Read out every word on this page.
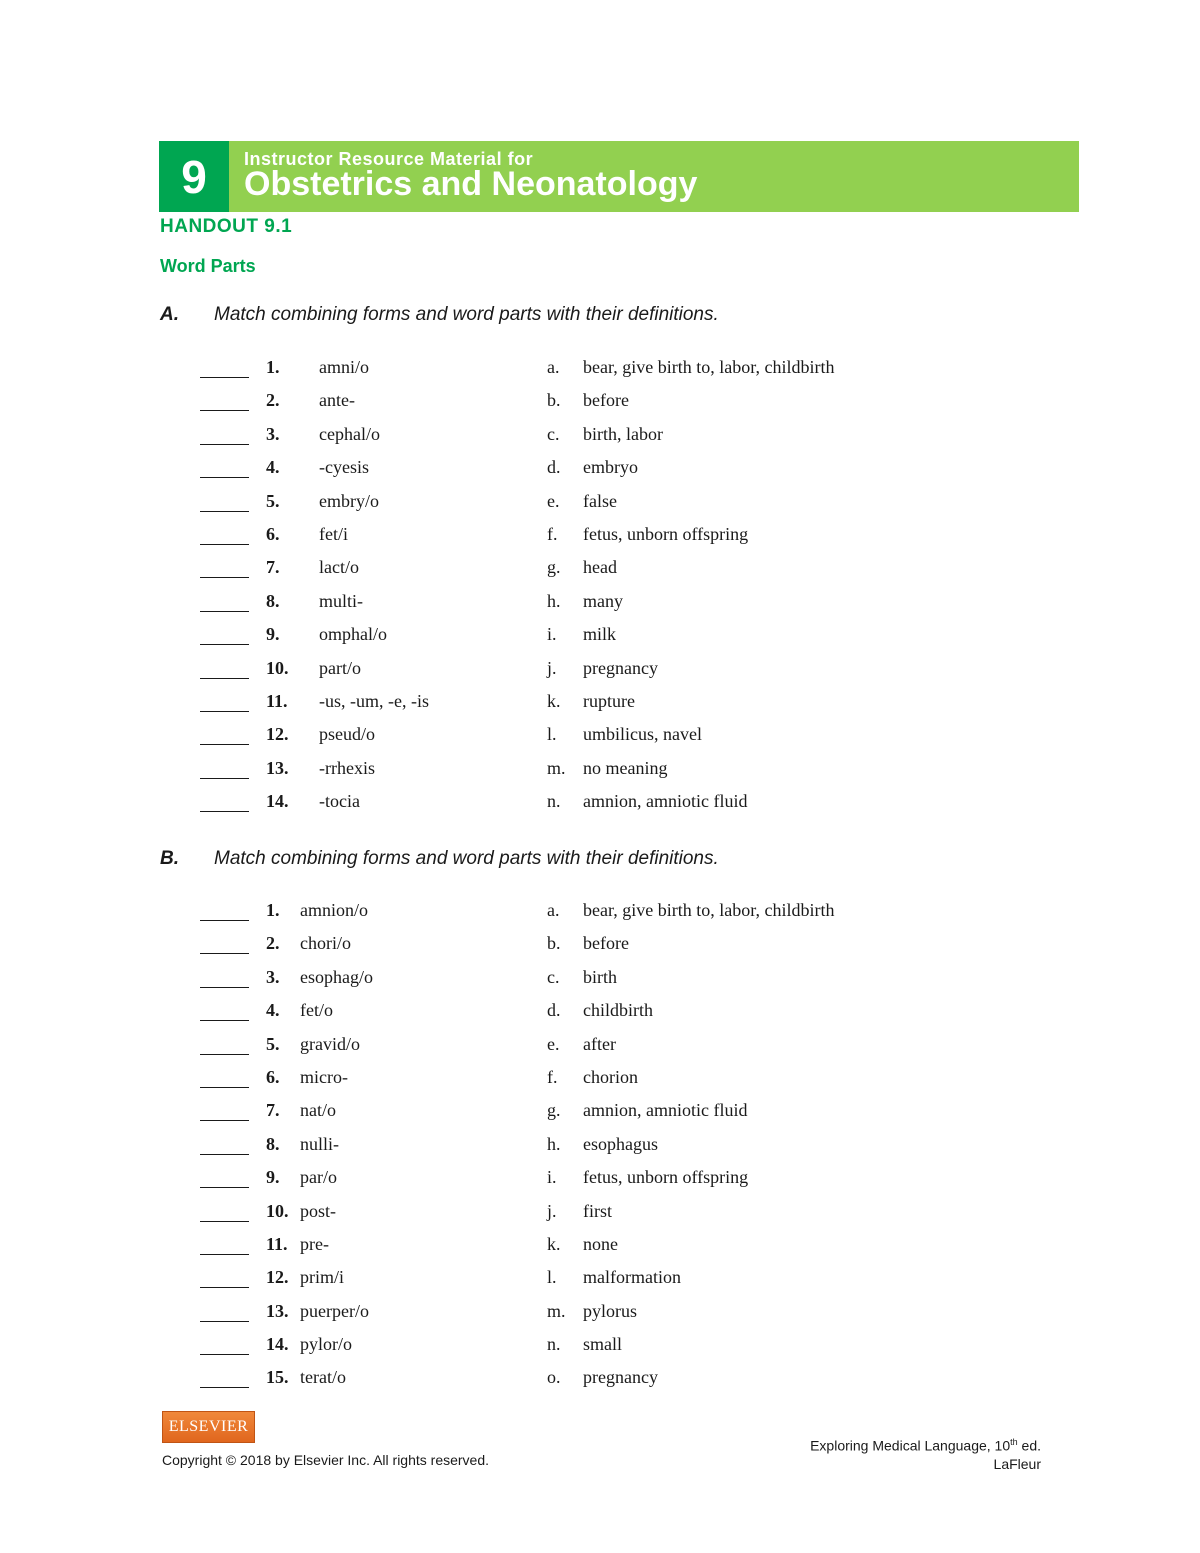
9	Instructor Resource Material for
Obstetrics and Neonatology
HANDOUT 9.1
Word Parts
A.	Match combining forms and word parts with their definitions.
1. amni/o	a. bear, give birth to, labor, childbirth
2. ante-	b. before
3. cephal/o	c. birth, labor
4. -cyesis	d. embryo
5. embry/o	e. false
6. fet/i	f. fetus, unborn offspring
7. lact/o	g. head
8. multi-	h. many
9. omphal/o	i. milk
10. part/o	j. pregnancy
11. -us, -um, -e, -is	k. rupture
12. pseud/o	l. umbilicus, navel
13. -rrhexis	m. no meaning
14. -tocia	n. amnion, amniotic fluid
B.	Match combining forms and word parts with their definitions.
1. amnion/o	a. bear, give birth to, labor, childbirth
2. chori/o	b. before
3. esophag/o	c. birth
4. fet/o	d. childbirth
5. gravid/o	e. after
6. micro-	f. chorion
7. nat/o	g. amnion, amniotic fluid
8. nulli-	h. esophagus
9. par/o	i. fetus, unborn offspring
10. post-	j. first
11. pre-	k. none
12. prim/i	l. malformation
13. puerper/o	m. pylorus
14. pylor/o	n. small
15. terat/o	o. pregnancy
ELSEVIER
Copyright © 2018 by Elsevier Inc. All rights reserved.
Exploring Medical Language, 10th ed.
LaFleur
